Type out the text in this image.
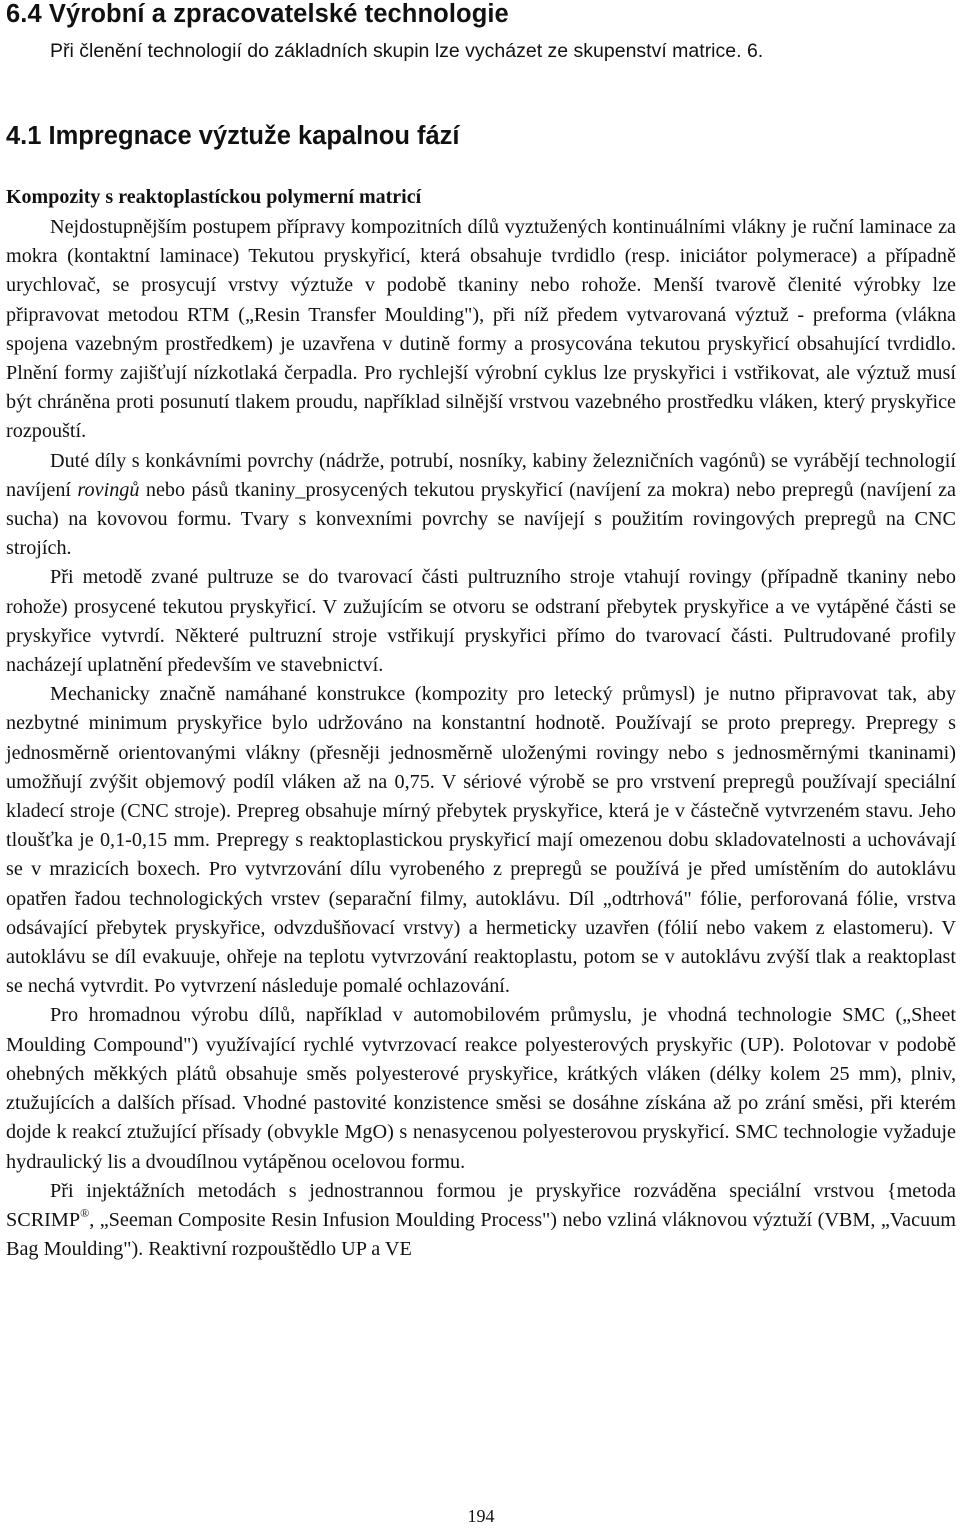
6.4 Výrobní a zpracovatelské technologie
Při členění technologií do základních skupin lze vycházet ze skupenství matrice. 6.
4.1 Impregnace výztuže kapalnou fází
Kompozity s reaktoplastíckou polymerní matricí

Nejdostupnějším postupem přípravy kompozitních dílů vyztužených kontinuálními vlákny je ruční laminace za mokra (kontaktní laminace) Tekutou pryskyřicí, která obsahuje tvrdidlo (resp. iniciátor polymerace) a případně urychlovač, se prosycují vrstvy výztuže v podobě tkaniny nebo rohože. Menší tvarově členité výrobky lze připravovat metodou RTM („Resin Transfer Moulding"), při níž předem vytvarovaná výztuž - preforma (vlákna spojena vazebným prostředkem) je uzavřena v dutině formy a prosycována tekutou pryskyřicí obsahující tvrdidlo. Plnění formy zajišťují nízkotlaká čerpadla. Pro rychlejší výrobní cyklus lze pryskyřici i vstřikovat, ale výztuž musí být chráněna proti posunutí tlakem proudu, například silnější vrstvou vazebného prostředku vláken, který pryskyřice rozpouští.

Duté díly s konkávními povrchy (nádrže, potrubí, nosníky, kabiny železničních vagónů) se vyrábějí technologií navíjení rovingů nebo pásů tkaniny_prosycených tekutou pryskyřicí (navíjení za mokra) nebo prepregů (navíjení za sucha) na kovovou formu. Tvary s konvexními povrchy se navíjejí s použitím rovingových prepregů na CNC strojích.

Při metodě zvané pultruze se do tvarovací části pultruzního stroje vtahují rovingy (případně tkaniny nebo rohože) prosycené tekutou pryskyřicí. V zužujícím se otvoru se odstraní přebytek pryskyřice a ve vytápěné části se pryskyřice vytvrdí. Některé pultruzní stroje vstřikují pryskyřici přímo do tvarovací části. Pultrudované profily nacházejí uplatnění především ve stavebnictví.

Mechanicky značně namáhané konstrukce (kompozity pro letecký průmysl) je nutno připravovat tak, aby nezbytné minimum pryskyřice bylo udržováno na konstantní hodnotě. Používají se proto prepregy. Prepregy s jednosměrně orientovanými vlákny (přesněji jednosměrně uloženými rovingy nebo s jednosměrnými tkaninami) umožňují zvýšit objemový podíl vláken až na 0,75. V sériové výrobě se pro vrstvení prepregů používají speciální kladecí stroje (CNC stroje). Prepreg obsahuje mírný přebytek pryskyřice, která je v částečně vytvrzeném stavu. Jeho tloušťka je 0,1-0,15 mm. Prepregy s reaktoplastickou pryskyřicí mají omezenou dobu skladovatelnosti a uchovávají se v mrazicích boxech. Pro vytvrzování dílu vyrobeného z prepregů se používá je před umístěním do autoklávu opatřen řadou technologických vrstev (separační filmy, autoklávu. Díl „odtrhová" fólie, perforovaná fólie, vrstva odsávající přebytek pryskyřice, odvzdušňovací vrstvy) a hermeticky uzavřen (fólií nebo vakem z elastomeru). V autoklávu se díl evakuuje, ohřeje na teplotu vytvrzování reaktoplastu, potom se v autoklávu zvýší tlak a reaktoplast se nechá vytvrdit. Po vytvrzení následuje pomalé ochlazování.

Pro hromadnou výrobu dílů, například v automobilovém průmyslu, je vhodná technologie SMC („Sheet Moulding Compound") využívající rychlé vytvrzovací reakce polyesterových pryskyřic (UP). Polotovar v podobě ohebných měkkých plátů obsahuje směs polyesterové pryskyřice, krátkých vláken (délky kolem 25 mm), plniv, ztužujících a dalších přísad. Vhodné pastovité konzistence směsi se dosáhne získána až po zrání směsi, při kterém dojde k reakcí ztužující přísady (obvykle MgO) s nenasycenou polyesterovou pryskyřicí. SMC technologie vyžaduje hydraulický lis a dvoudílnou vytápěnou ocelovou formu.

Při injektážních metodách s jednostrannou formou je pryskyřice rozváděna speciální vrstvou {metoda SCRIMP®, „Seeman Composite Resin Infusion Moulding Process") nebo vzliná vláknovou výztuží (VBM, „Vacuum Bag Moulding"). Reaktivní rozpouštědlo UP a VE

194
